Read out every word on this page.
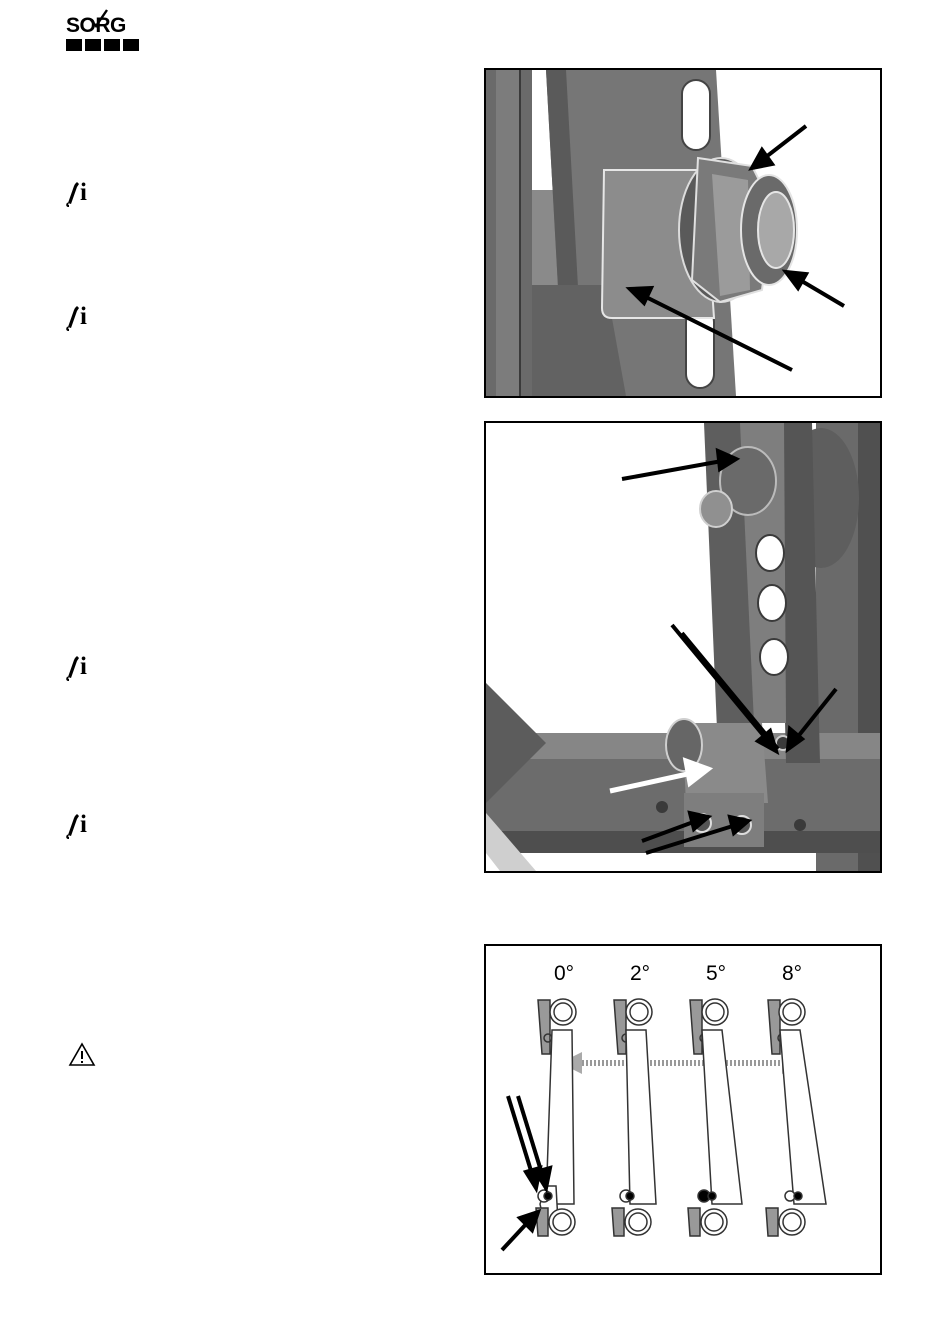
SORG
i
i
i
i
0°	2°	5°	8°
